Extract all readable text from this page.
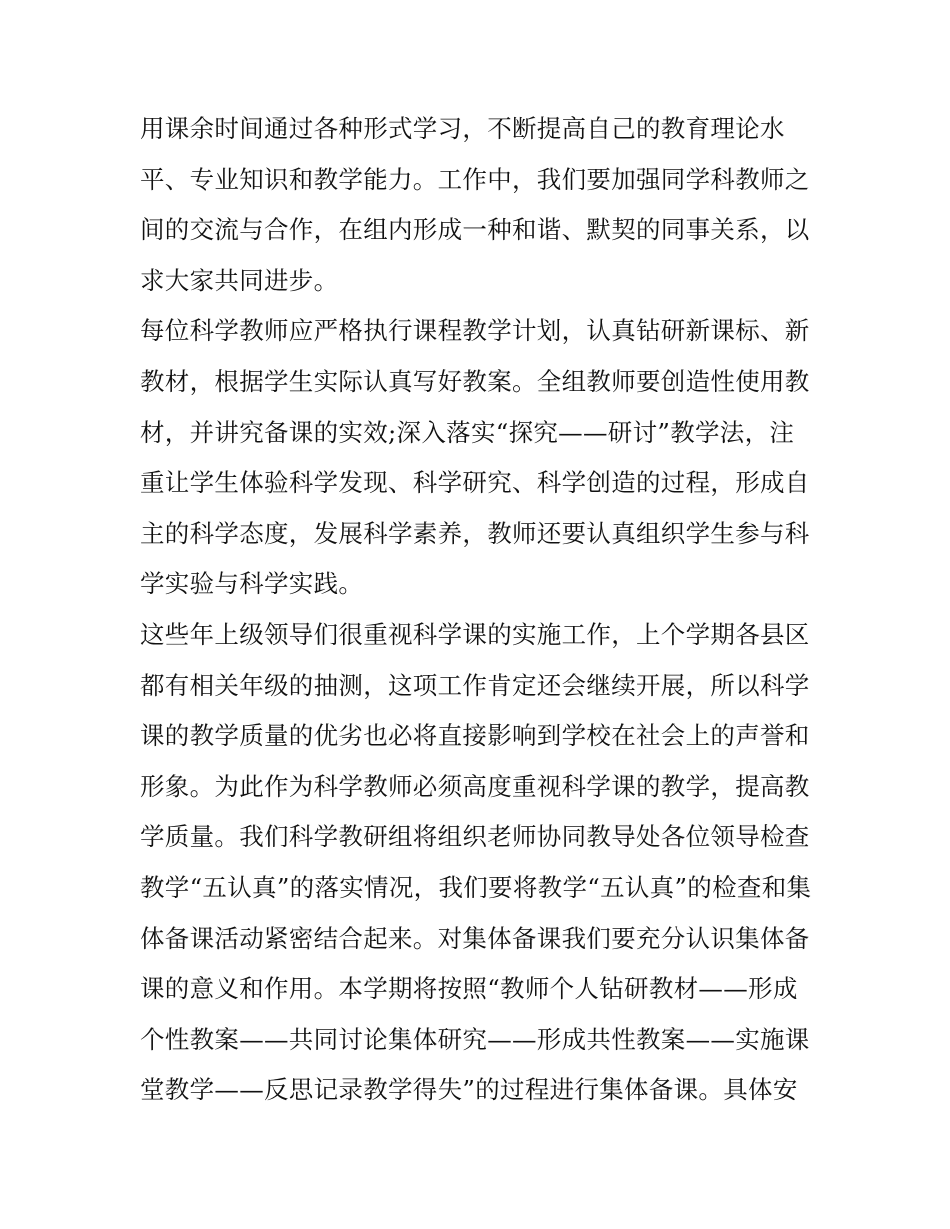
用课余时间通过各种形式学习，不断提高自己的教育理论水
平、专业知识和教学能力。工作中，我们要加强同学科教师之
间的交流与合作，在组内形成一种和谐、默契的同事关系，以
求大家共同进步。
每位科学教师应严格执行课程教学计划，认真钻研新课标、新
教材，根据学生实际认真写好教案。全组教师要创造性使用教
材，并讲究备课的实效;深入落实“探究——研讨”教学法，注
重让学生体验科学发现、科学研究、科学创造的过程，形成自
主的科学态度，发展科学素养，教师还要认真组织学生参与科
学实验与科学实践。
这些年上级领导们很重视科学课的实施工作，上个学期各县区
都有相关年级的抽测，这项工作肯定还会继续开展，所以科学
课的教学质量的优劣也必将直接影响到学校在社会上的声誉和
形象。为此作为科学教师必须高度重视科学课的教学，提高教
学质量。我们科学教研组将组织老师协同教导处各位领导检查
教学“五认真”的落实情况，我们要将教学“五认真”的检查和集
体备课活动紧密结合起来。对集体备课我们要充分认识集体备
课的意义和作用。本学期将按照“教师个人钻研教材——形成
个性教案——共同讨论集体研究——形成共性教案——实施课
堂教学——反思记录教学得失”的过程进行集体备课。具体安
